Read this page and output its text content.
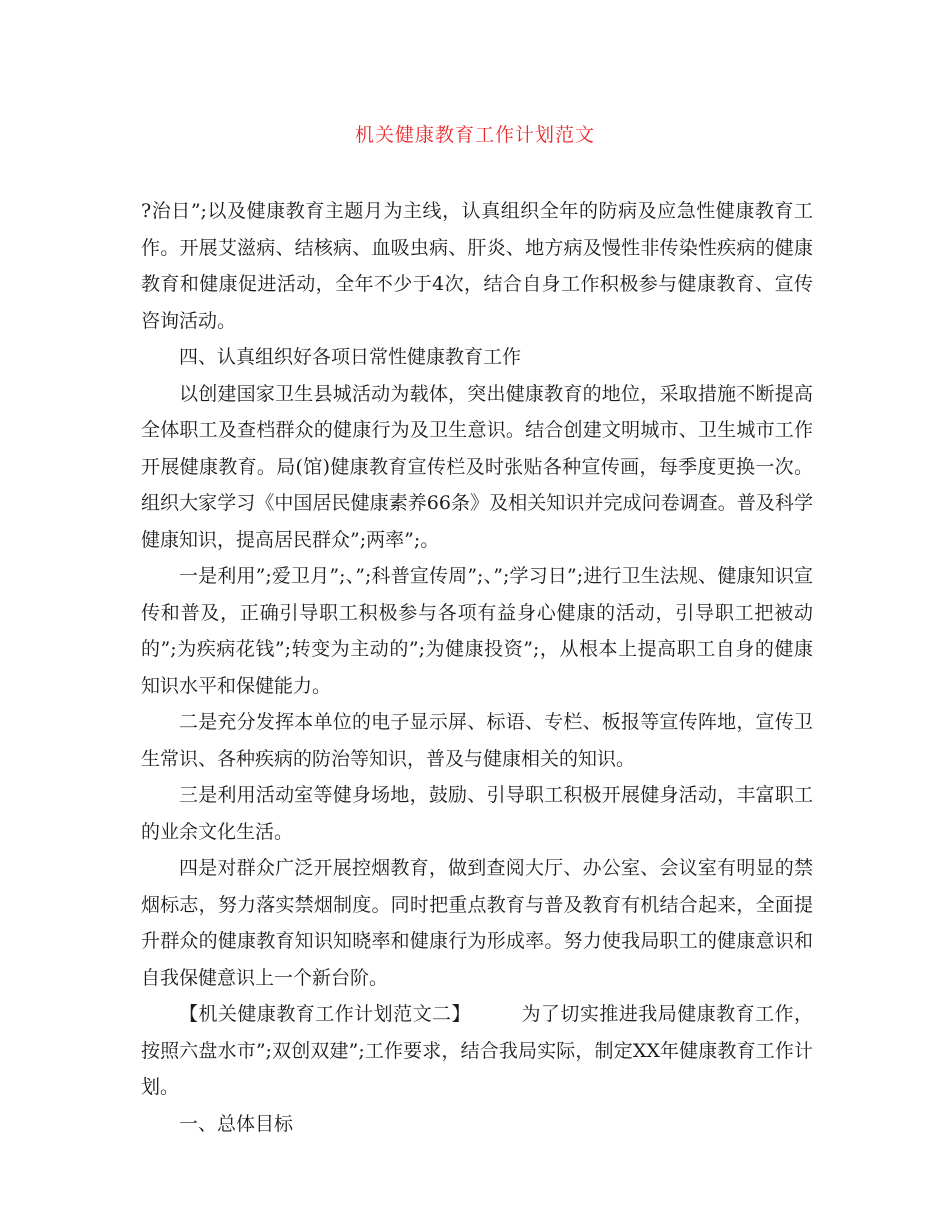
机关健康教育工作计划范文

?治日”;以及健康教育主题月为主线，认真组织全年的防病及应急性健康教育工作。开展艾滋病、结核病、血吸虫病、肝炎、地方病及慢性非传染性疾病的健康教育和健康促进活动，全年不少于4次，结合自身工作积极参与健康教育、宣传咨询活动。

四、认真组织好各项日常性健康教育工作

以创建国家卫生县城活动为载体，突出健康教育的地位，采取措施不断提高全体职工及查档群众的健康行为及卫生意识。结合创建文明城市、卫生城市工作开展健康教育。局(馆)健康教育宣传栏及时张贴各种宣传画，每季度更换一次。组织大家学习《中国居民健康素养66条》及相关知识并完成问卷调查。普及科学健康知识，提高居民群众”;两率”;。

一是利用”;爱卫月”;、”;科普宣传周”;、”;学习日”;进行卫生法规、健康知识宣传和普及，正确引导职工积极参与各项有益身心健康的活动，引导职工把被动的”;为疾病花钱”;转变为主动的”;为健康投资”;，从根本上提高职工自身的健康知识水平和保健能力。

二是充分发挥本单位的电子显示屏、标语、专栏、板报等宣传阵地，宣传卫生常识、各种疾病的防治等知识，普及与健康相关的知识。

三是利用活动室等健身场地，鼓励、引导职工积极开展健身活动，丰富职工的业余文化生活。

四是对群众广泛开展控烟教育，做到查阅大厅、办公室、会议室有明显的禁烟标志，努力落实禁烟制度。同时把重点教育与普及教育有机结合起来，全面提升群众的健康教育知识知晓率和健康行为形成率。努力使我局职工的健康意识和自我保健意识上一个新台阶。

【机关健康教育工作计划范文二】	为了切实推进我局健康教育工作，按照六盘水市”;双创双建”;工作要求，结合我局实际，制定XX年健康教育工作计划。

一、总体目标
